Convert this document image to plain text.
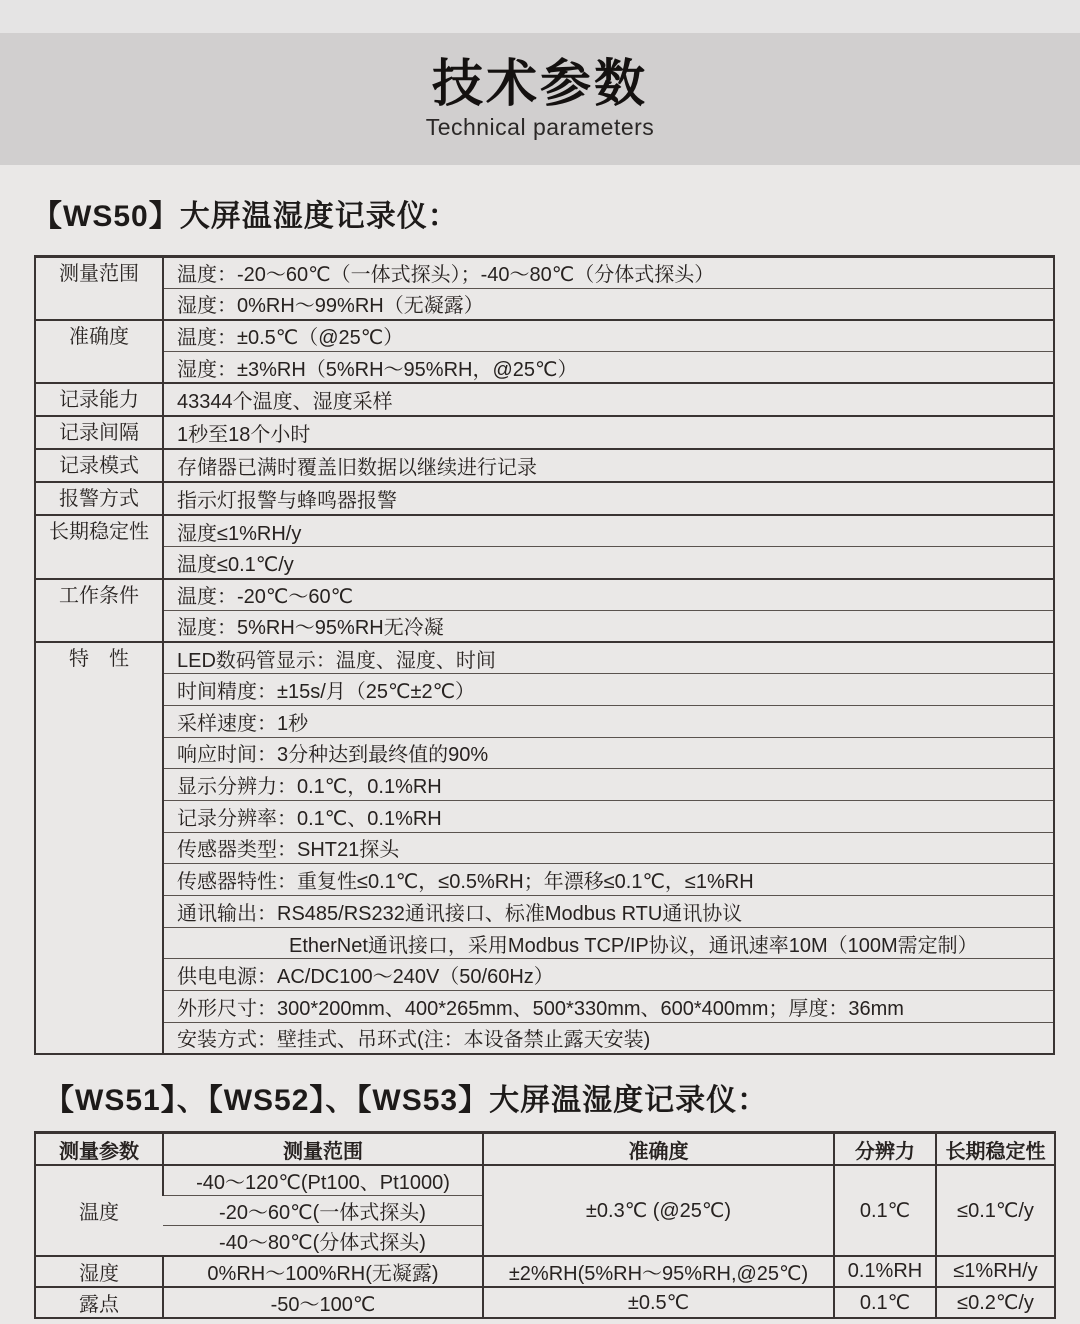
技术参数
Technical parameters
【WS50】大屏温湿度记录仪：
测量范围	温度：-20～60℃（一体式探头）；-40～80℃（分体式探头）
	湿度：0%RH～99%RH（无凝露）
准确度	温度：±0.5℃（@25℃）
	湿度：±3%RH（5%RH～95%RH，@25℃）
记录能力	43344个温度、湿度采样
记录间隔	1秒至18个小时
记录模式	存储器已满时覆盖旧数据以继续进行记录
报警方式	指示灯报警与蜂鸣器报警
长期稳定性	湿度≤1%RH/y
	温度≤0.1℃/y
工作条件	温度：-20℃～60℃
	湿度：5%RH～95%RH无冷凝
特　性	LED数码管显示：温度、湿度、时间
	时间精度：±15s/月（25℃±2℃）
	采样速度：1秒
	响应时间：3分种达到最终值的90%
	显示分辨力：0.1℃，0.1%RH
	记录分辨率：0.1℃、0.1%RH
	传感器类型：SHT21探头
	传感器特性：重复性≤0.1℃，≤0.5%RH；年漂移≤0.1℃，≤1%RH
	通讯输出：RS485/RS232通讯接口、标准Modbus RTU通讯协议
	EtherNet通讯接口，采用Modbus TCP/IP协议，通讯速率10M（100M需定制）
	供电电源：AC/DC100～240V（50/60Hz）
	外形尺寸：300*200mm、400*265mm、500*330mm、600*400mm；厚度：36mm
	安装方式：壁挂式、吊环式(注：本设备禁止露天安装)
【WS51】、【WS52】、【WS53】大屏温湿度记录仪：
测量参数	测量范围	准确度	分辨力	长期稳定性
温度	-40～120℃(Pt100、Pt1000)	±0.3℃ (@25℃)	0.1℃	≤0.1℃/y
	-20～60℃(一体式探头)			
	-40～80℃(分体式探头)			
湿度	0%RH～100%RH(无凝露)	±2%RH(5%RH～95%RH,@25℃)	0.1%RH	≤1%RH/y
露点	-50～100℃	±0.5℃	0.1℃	≤0.2℃/y
